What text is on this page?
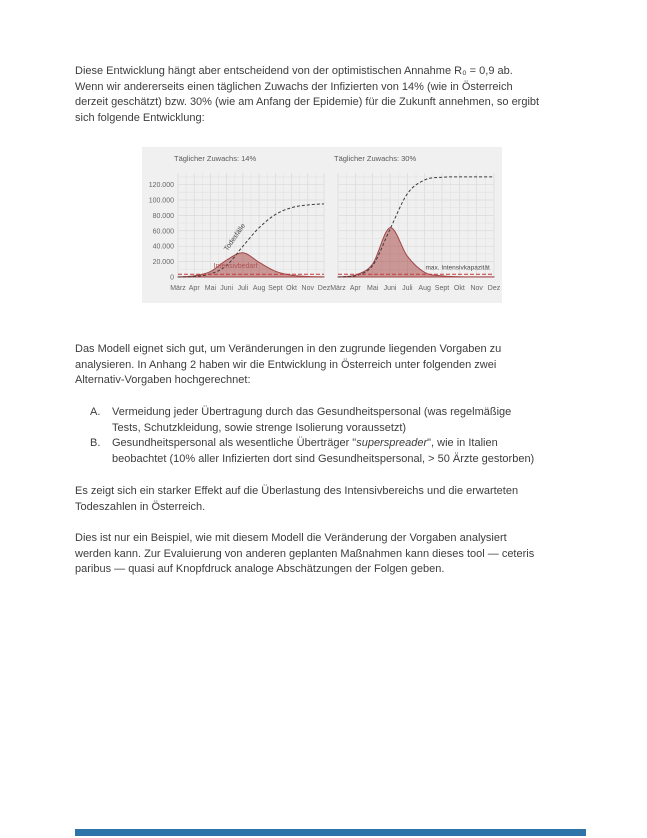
Diese Entwicklung hängt aber entscheidend von der optimistischen Annahme R₀ = 0,9 ab.
Wenn wir andererseits einen täglichen Zuwachs der Infizierten von 14% (wie in Österreich
derzeit geschätzt) bzw. 30% (wie am Anfang der Epidemie) für die Zukunft annehmen, so ergibt
sich folgende Entwicklung:
Täglicher Zuwachs: 14%
0
20.000
40.000
60.000
80.000
100.000
120.000
März Apr Mai Juni Juli Aug Sept Okt Nov Dez
Todesfälle
Intensivbedarf
Täglicher Zuwachs: 30%
März Apr Mai Juni Juli Aug Sept Okt Nov Dez
max. Intensivkapazität
Das Modell eignet sich gut, um Veränderungen in den zugrunde liegenden Vorgaben zu
analysieren. In Anhang 2 haben wir die Entwicklung in Österreich unter folgenden zwei
Alternativ-Vorgaben hochgerechnet:
A.	Vermeidung jeder Übertragung durch das Gesundheitspersonal (was regelmäßige
Tests, Schutzkleidung, sowie strenge Isolierung voraussetzt)
B.	Gesundheitspersonal als wesentliche Überträger "superspreader", wie in Italien
beobachtet (10% aller Infizierten dort sind Gesundheitspersonal, > 50 Ärzte gestorben)
Es zeigt sich ein starker Effekt auf die Überlastung des Intensivbereichs und die erwarteten
Todeszahlen in Österreich.
Dies ist nur ein Beispiel, wie mit diesem Modell die Veränderung der Vorgaben analysiert
werden kann. Zur Evaluierung von anderen geplanten Maßnahmen kann dieses tool — ceteris
paribus — quasi auf Knopfdruck analoge Abschätzungen der Folgen geben.
